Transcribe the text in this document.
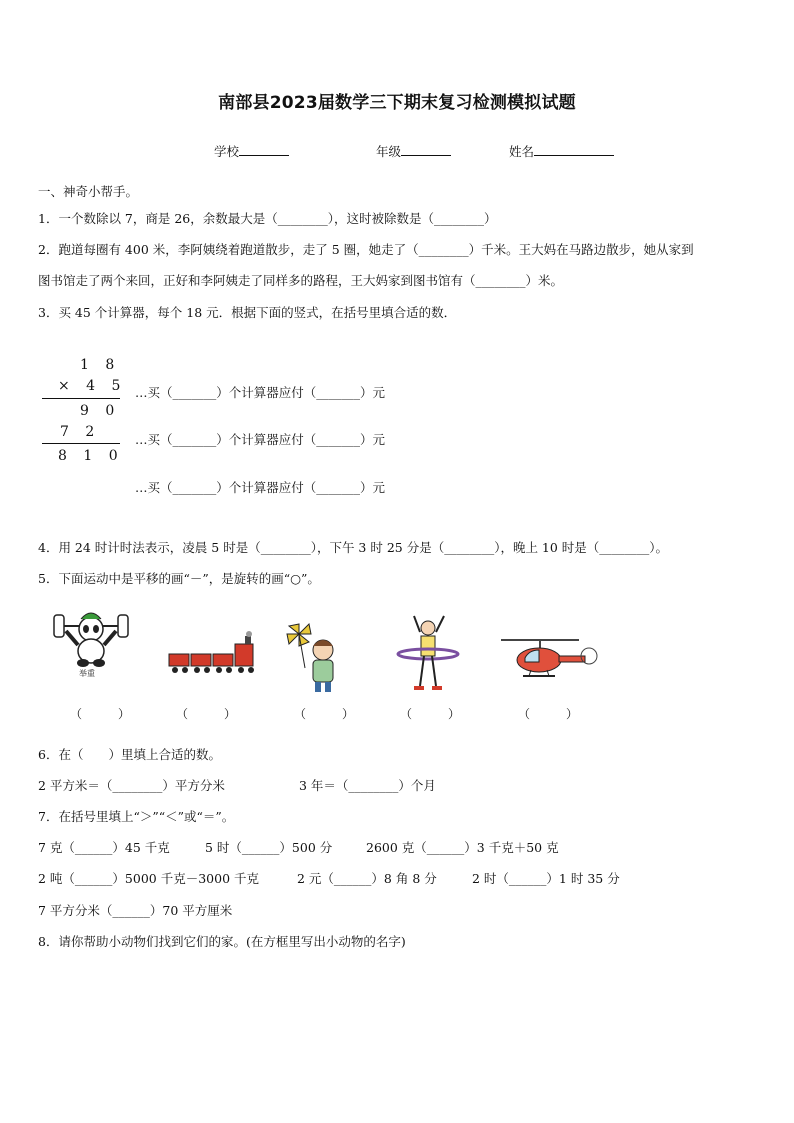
南部县2023届数学三下期末复习检测模拟试题
学校	年级	姓名
一、神奇小帮手。
1．一个数除以 7，商是 26，余数最大是（________），这时被除数是（________）
2．跑道每圈有 400 米，李阿姨绕着跑道散步，走了 5 圈，她走了（________）千米。王大妈在马路边散步，她从家到
图书馆走了两个来回，正好和李阿姨走了同样多的路程，王大妈家到图书馆有（________）米。
3．买 45 个计算器，每个 18 元．根据下面的竖式，在括号里填合适的数．
1 8
× 4 5
9 0
7 2
8 1 0
…买（_______）个计算器应付（_______）元
…买（_______）个计算器应付（_______）元
…买（_______）个计算器应付（_______）元
4．用 24 时计时法表示，凌晨 5 时是（________），下午 3 时 25 分是（________），晚上 10 时是（________）。
5．下面运动中是平移的画“－”，是旋转的画“○”。
举重
（　　　）	（　　　）	（　　　）	（　　　）	（　　　）
6．在（　　）里填上合适的数。
2 平方米＝（________）平方分米	3 年＝（________）个月
7．在括号里填上“＞”“＜”或“＝”。
7 克（______）45 千克	5 时（______）500 分	2600 克（______）3 千克＋50 克
2 吨（______）5000 千克－3000 千克	2 元（______）8 角 8 分	2 时（______）1 时 35 分
7 平方分米（______）70 平方厘米
8．请你帮助小动物们找到它们的家。(在方框里写出小动物的名字)
